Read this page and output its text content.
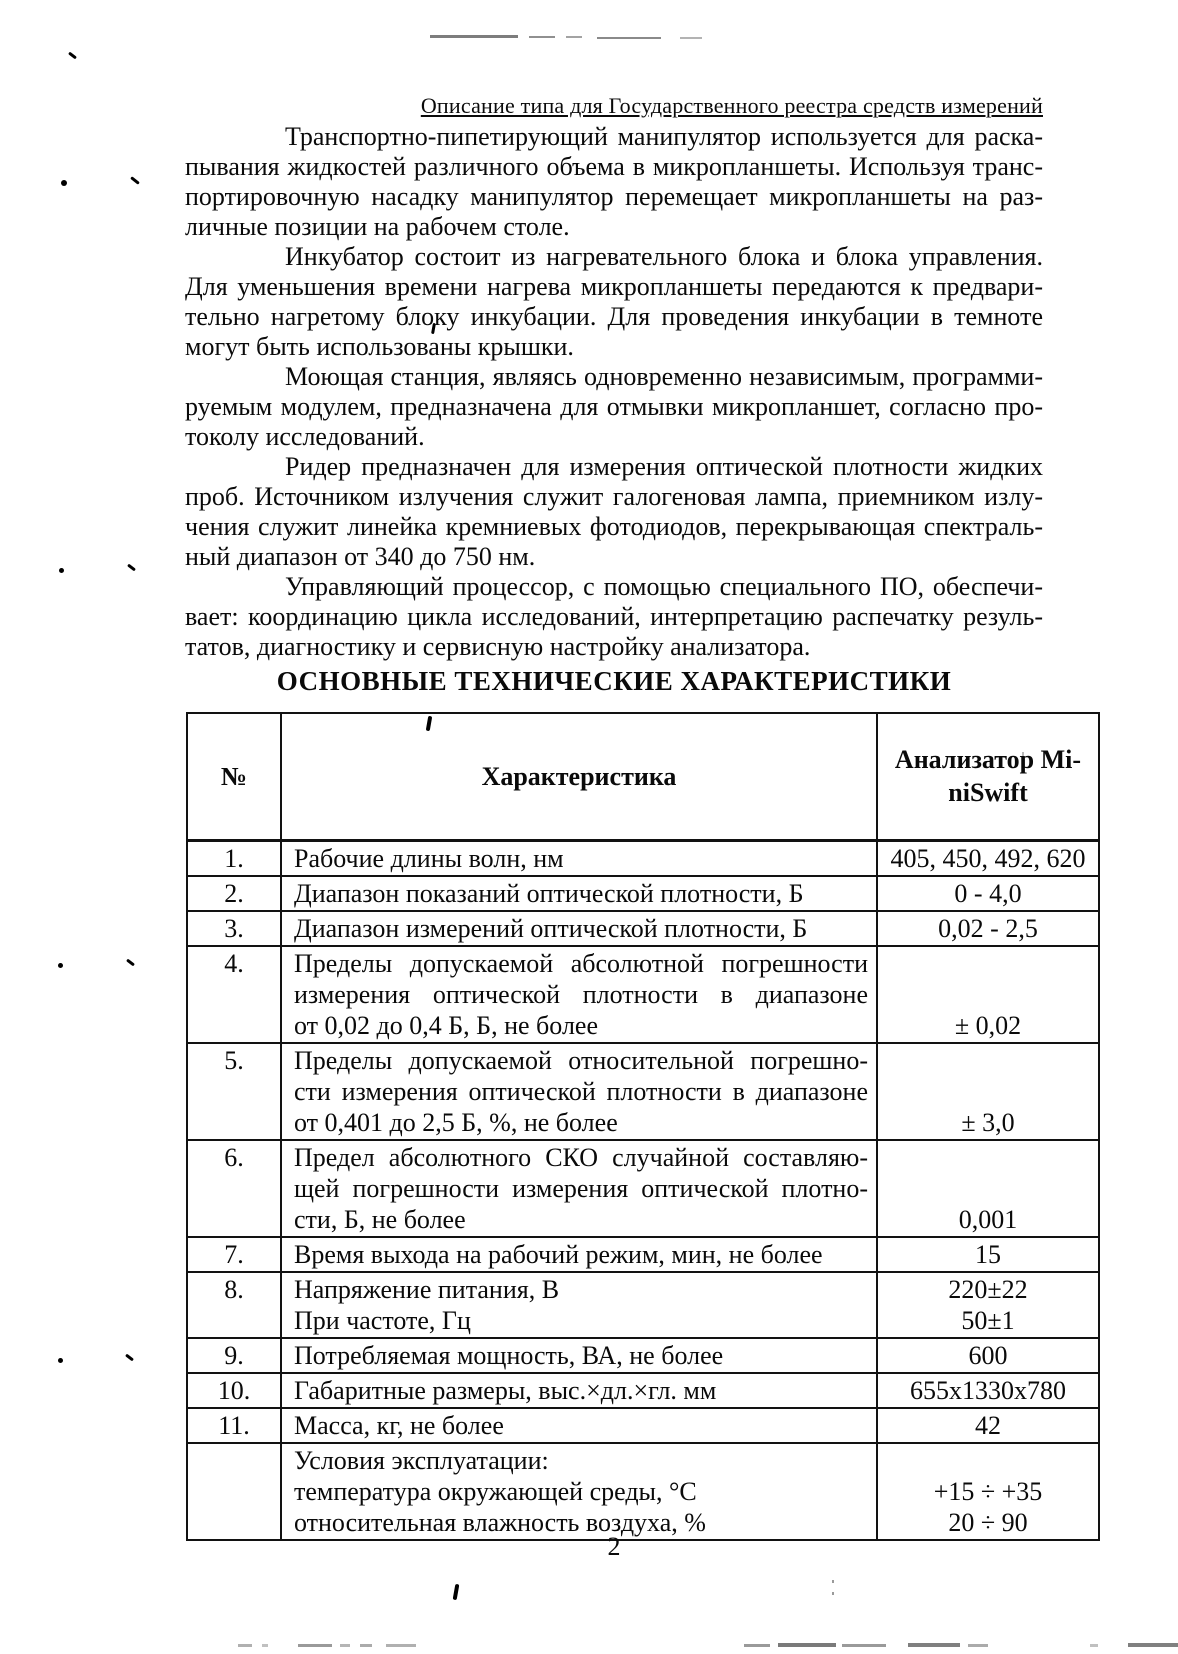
Описание типа для Государственного реестра средств измерений
Транспортно-пипетирующий манипулятор используется для раска-
пывания жидкостей различного объема в микропланшеты. Используя транс-
портировочную насадку манипулятор перемещает микропланшеты на раз-
личные позиции на рабочем столе.
Инкубатор состоит из нагревательного блока и блока управления.
Для уменьшения времени нагрева микропланшеты передаются к предвари-
тельно нагретому блоку инкубации. Для проведения инкубации в темноте
могут быть использованы крышки.
Моющая станция, являясь одновременно независимым, программи-
руемым модулем, предназначена для отмывки микропланшет, согласно про-
токолу исследований.
Ридер предназначен для измерения оптической плотности жидких
проб. Источником излучения служит галогеновая лампа, приемником излу-
чения служит линейка кремниевых фотодиодов, перекрывающая спектраль-
ный диапазон от 340 до 750 нм.
Управляющий процессор, с помощью специального ПО, обеспечи-
вает: координацию цикла исследований, интерпретацию распечатку резуль-
татов, диагностику и сервисную настройку анализатора.
ОСНОВНЫЕ ТЕХНИЧЕСКИЕ ХАРАКТЕРИСТИКИ
№	Характеристика	Анализатор Mi-
niSwift

1.	Рабочие длины волн, нм	405, 450, 492, 620

2.	Диапазон показаний оптической плотности, Б	0 - 4,0

3.	Диапазон измерений оптической плотности, Б	0,02 - 2,5

4.	Пределы допускаемой абсолютной погрешности
измерения оптической плотности в диапазоне
от 0,02 до 0,4 Б, Б, не более	± 0,02

5.	Пределы допускаемой относительной погрешно-
сти измерения оптической плотности в диапазоне
от 0,401 до 2,5 Б, %, не более	± 3,0

6.	Предел абсолютного СКО случайной составляю-
щей погрешности измерения оптической плотно-
сти, Б, не более	0,001

7.	Время выхода на рабочий режим, мин, не более	15

8.	Напряжение питания, В
При частоте, Гц	220±22
50±1

9.	Потребляемая мощность, ВА, не более	600

10.	Габаритные размеры, выс.×дл.×гл. мм	655x1330x780

11.	Масса, кг, не более	42

	Условия эксплуатации:
температура окружающей среды, °С
относительная влажность воздуха, %	+15 ÷ +35
20 ÷ 90
2
